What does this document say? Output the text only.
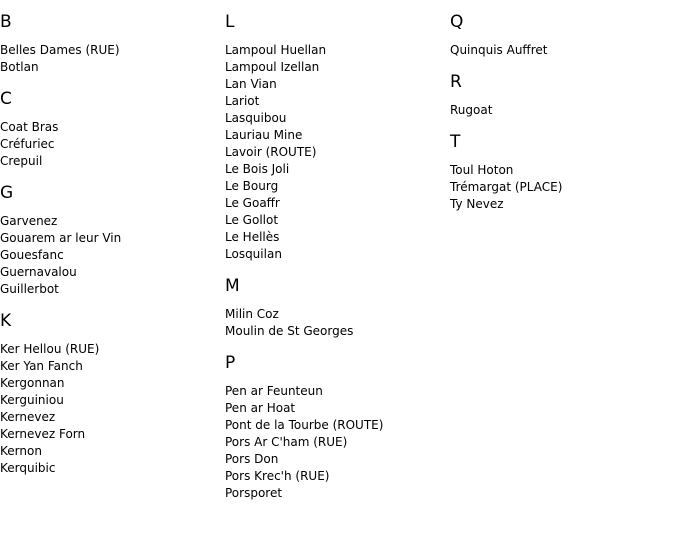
B
Belles Dames (RUE)
Botlan
C
Coat Bras
Créfuriec
Crepuil
G
Garvenez
Gouarem ar leur Vin
Gouesfanc
Guernavalou
Guillerbot
K
Ker Hellou (RUE)
Ker Yan Fanch
Kergonnan
Kerguiniou
Kernevez
Kernevez Forn
Kernon
Kerquibic
L
Lampoul Huellan
Lampoul Izellan
Lan Vian
Lariot
Lasquibou
Lauriau Mine
Lavoir (ROUTE)
Le Bois Joli
Le Bourg
Le Goaffr
Le Gollot
Le Hellès
Losquilan
M
Milin Coz
Moulin de St Georges
P
Pen ar Feunteun
Pen ar Hoat
Pont de la Tourbe (ROUTE)
Pors Ar C'ham (RUE)
Pors Don
Pors Krec'h (RUE)
Porsporet
Q
Quinquis Auffret
R
Rugoat
T
Toul Hoton
Trémargat (PLACE)
Ty Nevez
